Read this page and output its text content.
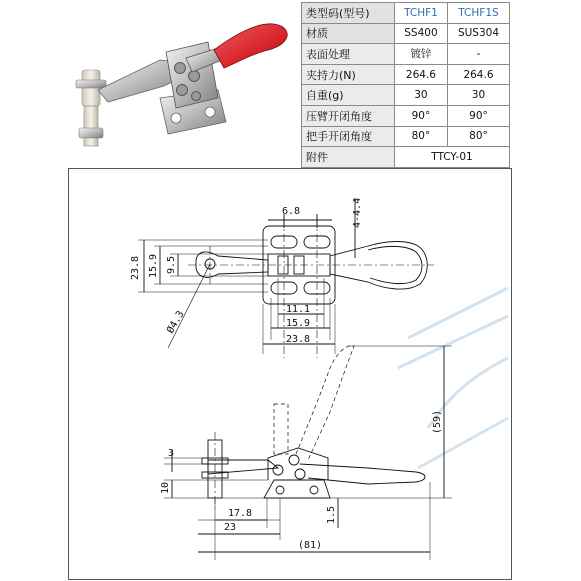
类型码(型号)	TCHF1	TCHF1S
材质	SS400	SUS304
表面处理	镀锌	-
夹持力(N)	264.6	264.6
自重(g)	30	30
压臂开闭角度	90°	90°
把手开闭角度	80°	80°
附件	TTCY-01	
6.8	4-4.4
23.8 15.9 9.5
11.1
15.9
23.8
Ø4.3
3
10
17.8
23
1.5
(81)
(59)
